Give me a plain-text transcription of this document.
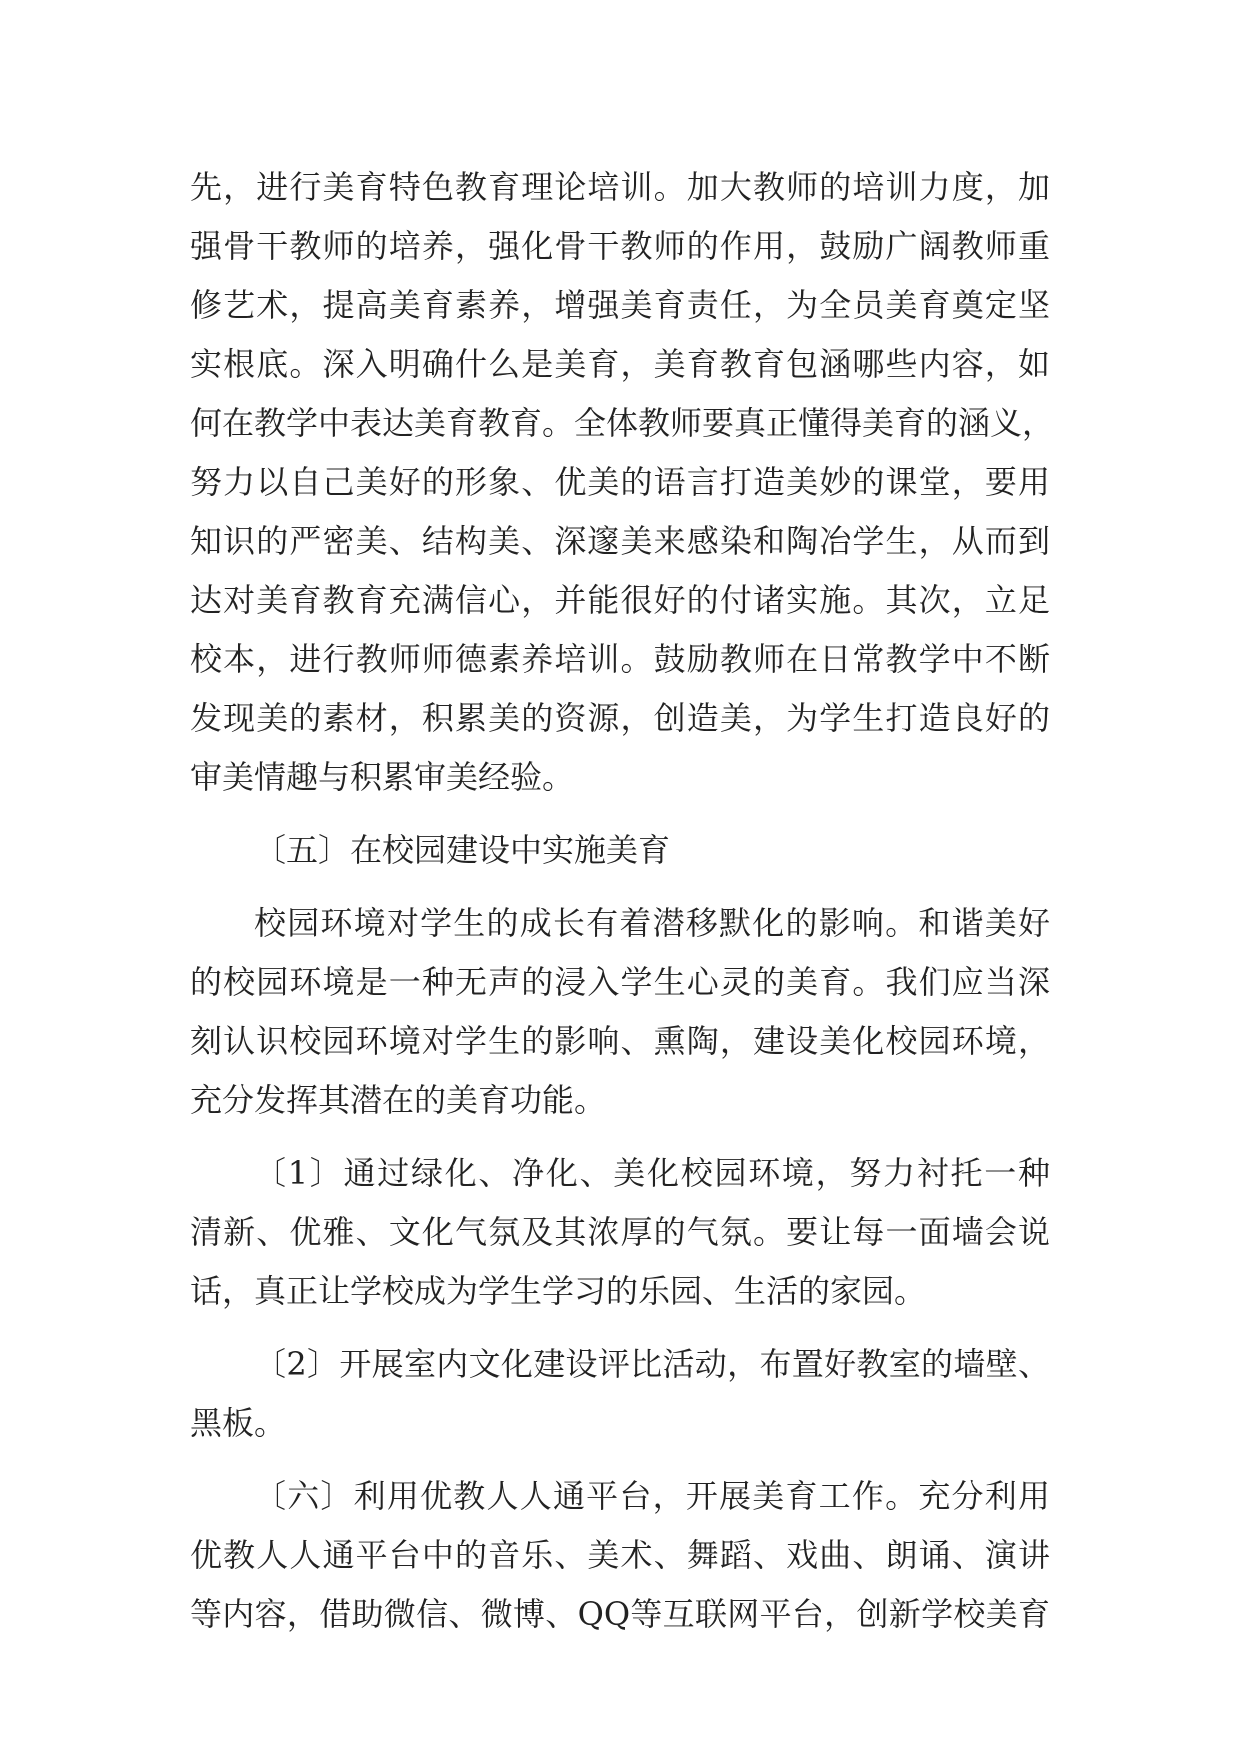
先，进行美育特色教育理论培训。加大教师的培训力度，加
强骨干教师的培养，强化骨干教师的作用，鼓励广阔教师重
修艺术，提高美育素养，增强美育责任，为全员美育奠定坚
实根底。深入明确什么是美育，美育教育包涵哪些内容，如
何在教学中表达美育教育。全体教师要真正懂得美育的涵义，
努力以自己美好的形象、优美的语言打造美妙的课堂，要用
知识的严密美、结构美、深邃美来感染和陶冶学生，从而到
达对美育教育充满信心，并能很好的付诸实施。其次，立足
校本，进行教师师德素养培训。鼓励教师在日常教学中不断
发现美的素材，积累美的资源，创造美，为学生打造良好的
审美情趣与积累审美经验。
〔五〕在校园建设中实施美育
校园环境对学生的成长有着潜移默化的影响。和谐美好
的校园环境是一种无声的浸入学生心灵的美育。我们应当深
刻认识校园环境对学生的影响、熏陶，建设美化校园环境，
充分发挥其潜在的美育功能。
〔1〕通过绿化、净化、美化校园环境，努力衬托一种
清新、优雅、文化气氛及其浓厚的气氛。要让每一面墙会说
话，真正让学校成为学生学习的乐园、生活的家园。
〔2〕开展室内文化建设评比活动，布置好教室的墙壁、
黑板。
〔六〕利用优教人人通平台，开展美育工作。充分利用
优教人人通平台中的音乐、美术、舞蹈、戏曲、朗诵、演讲
等内容，借助微信、微博、QQ等互联网平台，创新学校美育
